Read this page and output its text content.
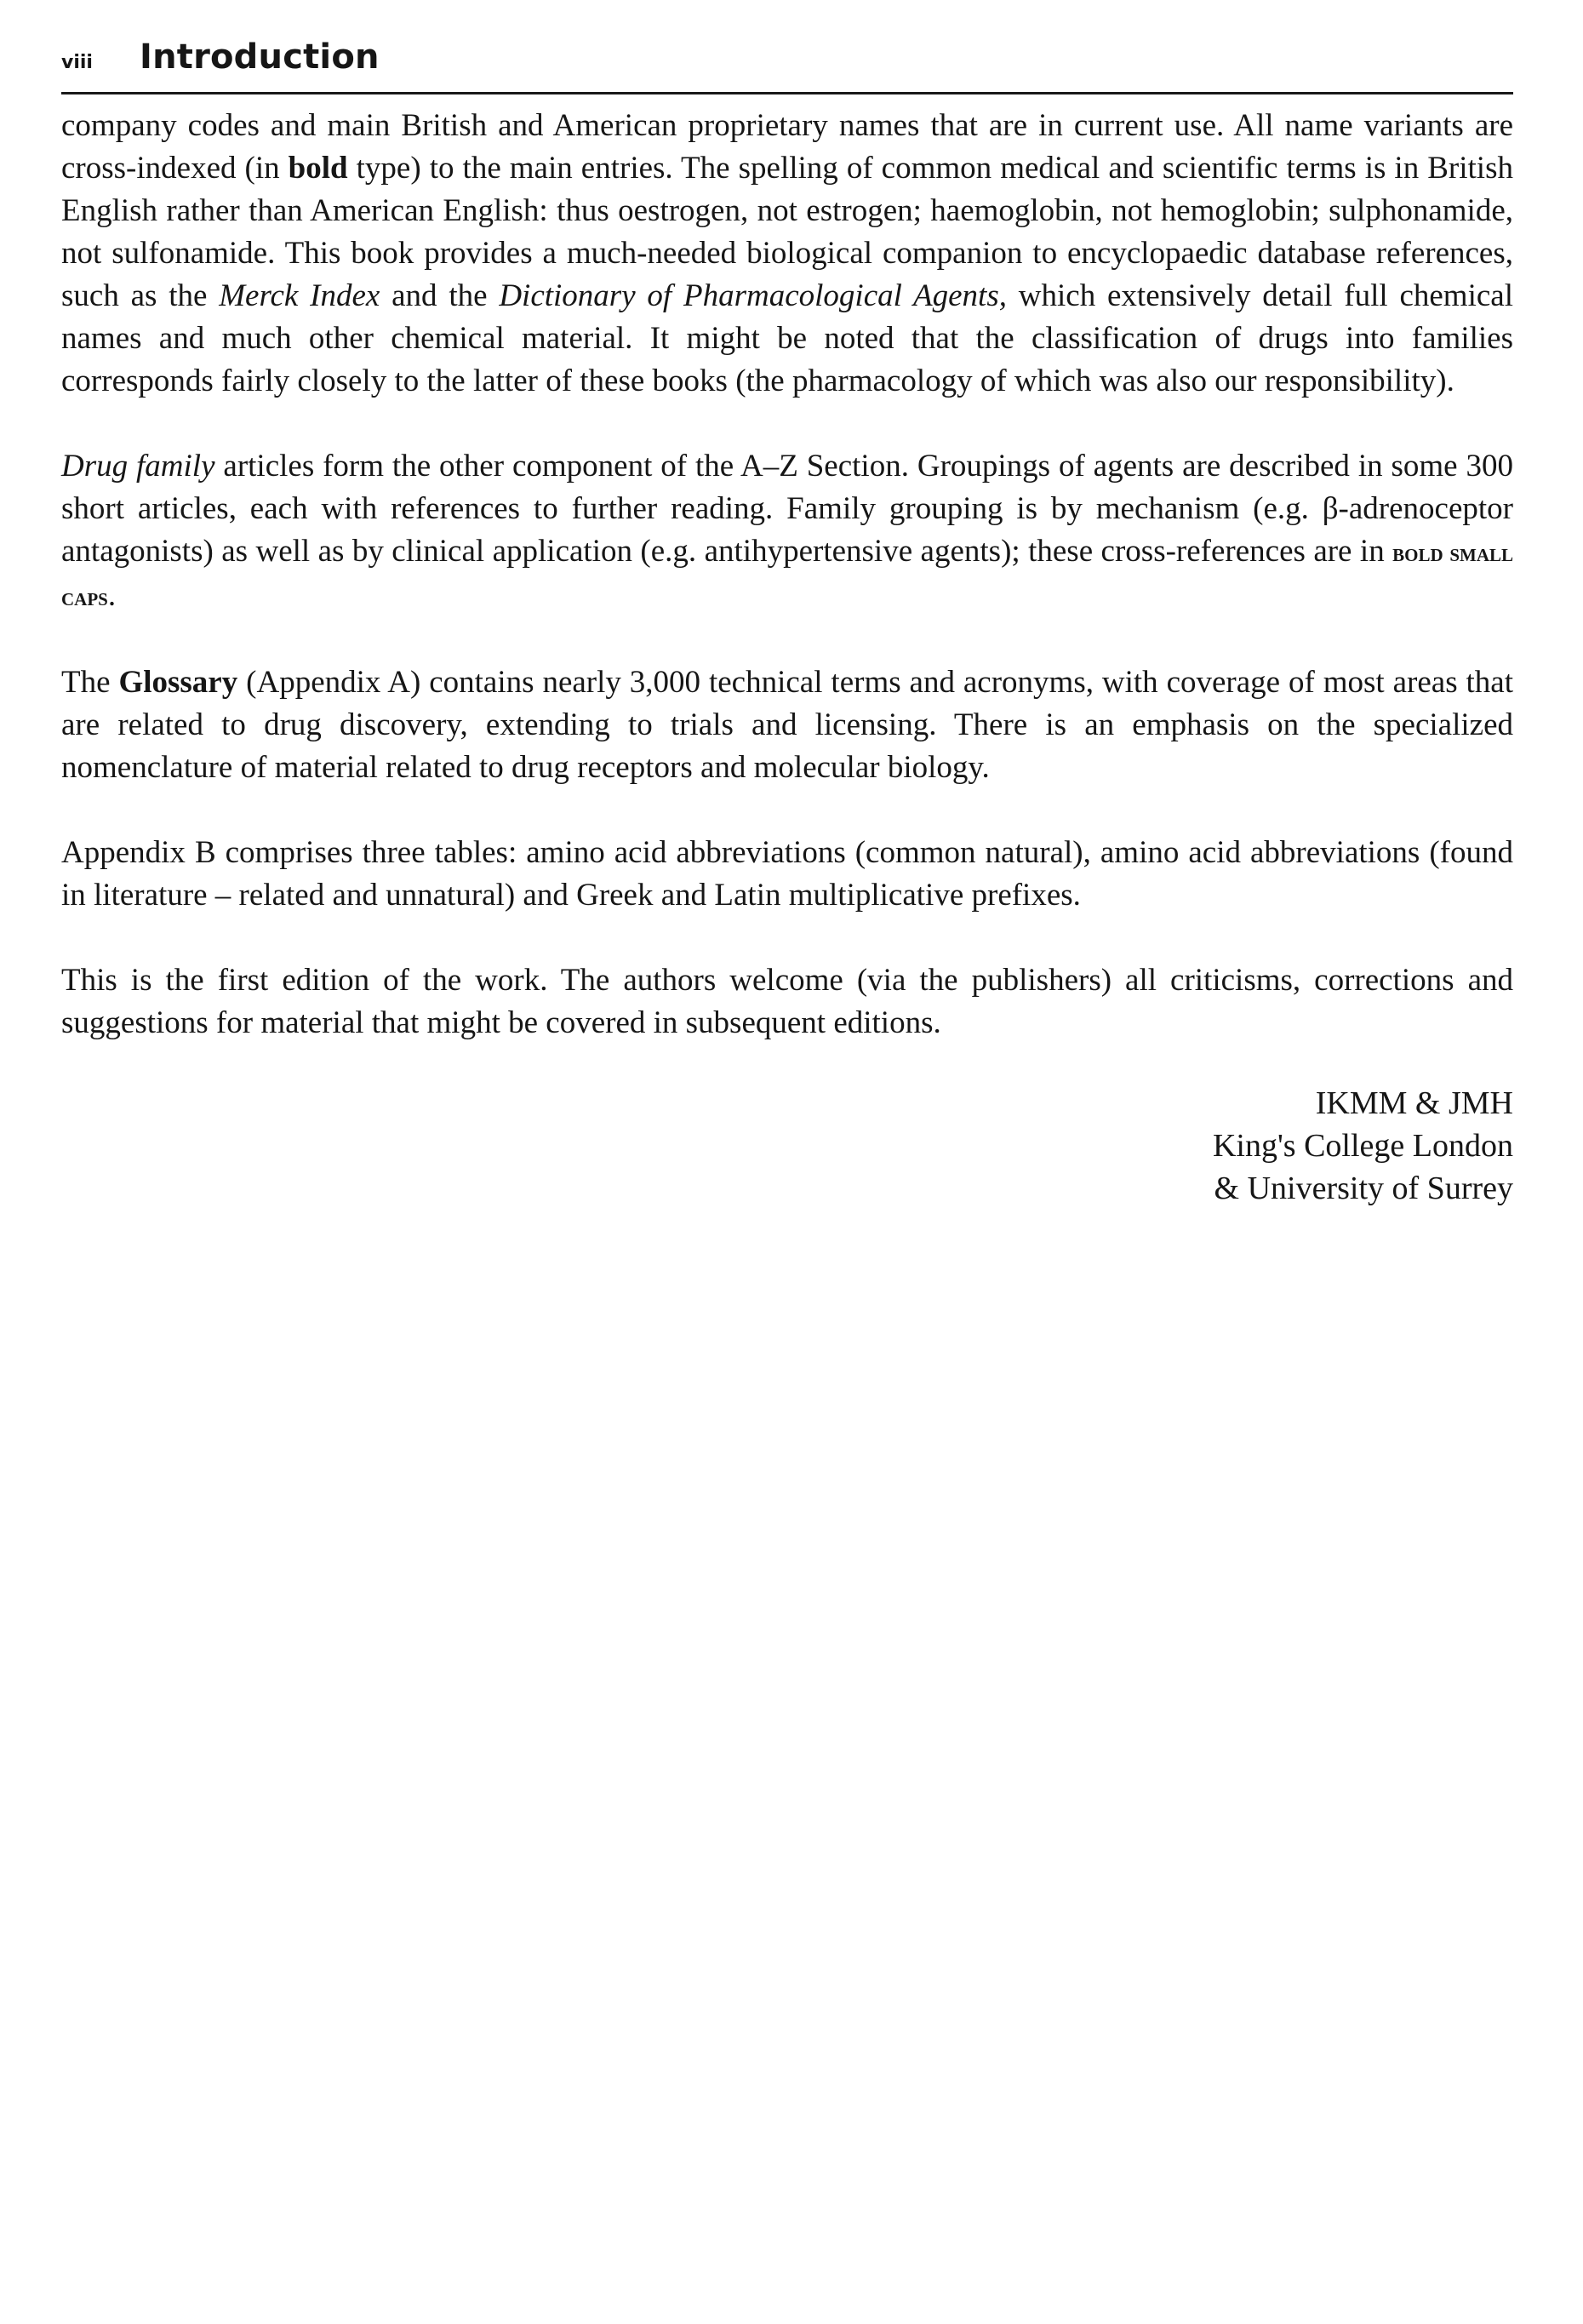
viii	Introduction

company codes and main British and American proprietary names that are in current use. All name variants are cross-indexed (in bold type) to the main entries. The spelling of common medical and scientific terms is in British English rather than American English: thus oestrogen, not estrogen; haemoglobin, not hemoglobin; sulphonamide, not sulfonamide. This book provides a much-needed biological companion to encyclopaedic database references, such as the Merck Index and the Dictionary of Pharmacological Agents, which extensively detail full chemical names and much other chemical material. It might be noted that the classification of drugs into families corresponds fairly closely to the latter of these books (the pharmacology of which was also our responsibility).

Drug family articles form the other component of the A–Z Section. Groupings of agents are described in some 300 short articles, each with references to further reading. Family grouping is by mechanism (e.g. β-adrenoceptor antagonists) as well as by clinical application (e.g. antihypertensive agents); these cross-references are in bold small caps.

The Glossary (Appendix A) contains nearly 3,000 technical terms and acronyms, with coverage of most areas that are related to drug discovery, extending to trials and licensing. There is an emphasis on the specialized nomenclature of material related to drug receptors and molecular biology.

Appendix B comprises three tables: amino acid abbreviations (common natural), amino acid abbreviations (found in literature – related and unnatural) and Greek and Latin multiplicative prefixes.

This is the first edition of the work. The authors welcome (via the publishers) all criticisms, corrections and suggestions for material that might be covered in subsequent editions.

IKMM & JMH
King's College London
& University of Surrey
